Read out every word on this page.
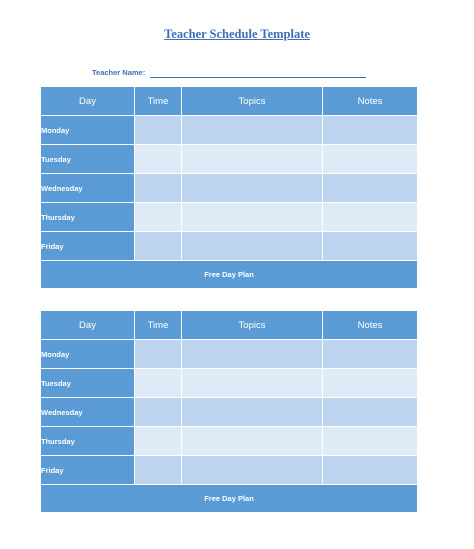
Teacher Schedule Template
Teacher Name:
Day	Time	Topics	Notes
Monday			
Tuesday			
Wednesday			
Thursday			
Friday			
Free Day Plan			
Day	Time	Topics	Notes
Monday			
Tuesday			
Wednesday			
Thursday			
Friday			
Free Day Plan			
